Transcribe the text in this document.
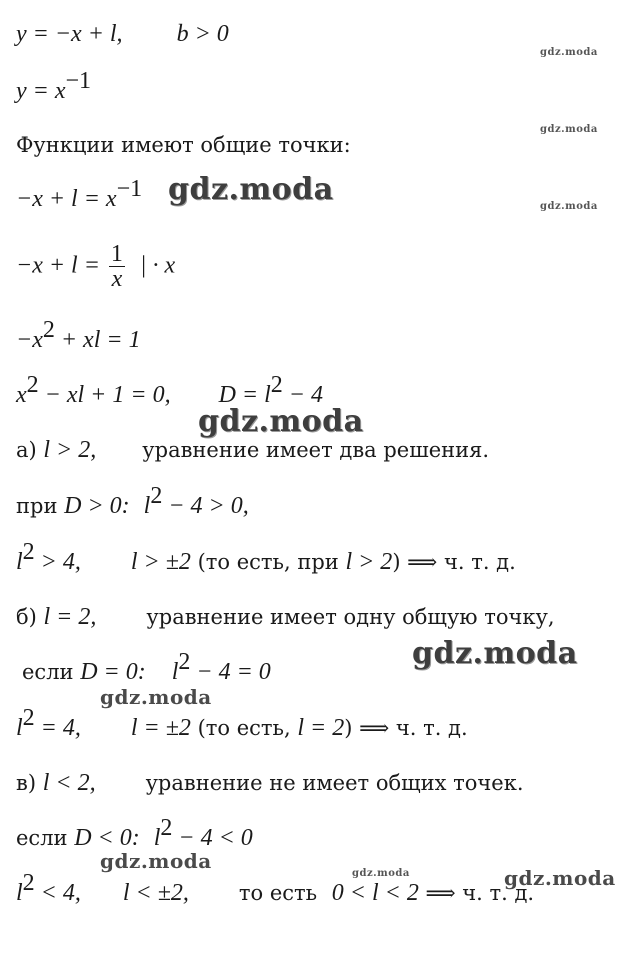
y = −x + l, b > 0
$y = x^{-1}$
Функции имеют общие точки:
$-x + l = x^{-1}$
$-x + l = \frac{1}{x}$ | · x
$-x^2$ + xl = 1
$x^2$ − xl + 1 = 0, $D = l^2 - 4$
а) l > 2, уравнение имеет два решения.
при D > 0: $l^2 - 4 > 0$,
$l^2 > 4$, l > ±2 (то есть, при l > 2) ⟹ ч. т. д.
б) l = 2, уравнение имеет одну общую точку,
если D = 0: $l^2 - 4 = 0$
$l^2 = 4$, l = ±2 (то есть, l = 2) ⟹ ч. т. д.
в) l < 2, уравнение не имеет общих точек.
если D < 0: $l^2 - 4 < 0$
$l^2 < 4$, l < ±2, то есть 0 < l < 2 ⟹ ч. т. д.
gdz.moda
gdz.moda
gdz.moda
gdz.moda
gdz.moda
gdz.moda
gdz.moda
gdz.moda
gdz.moda	gdz.moda
